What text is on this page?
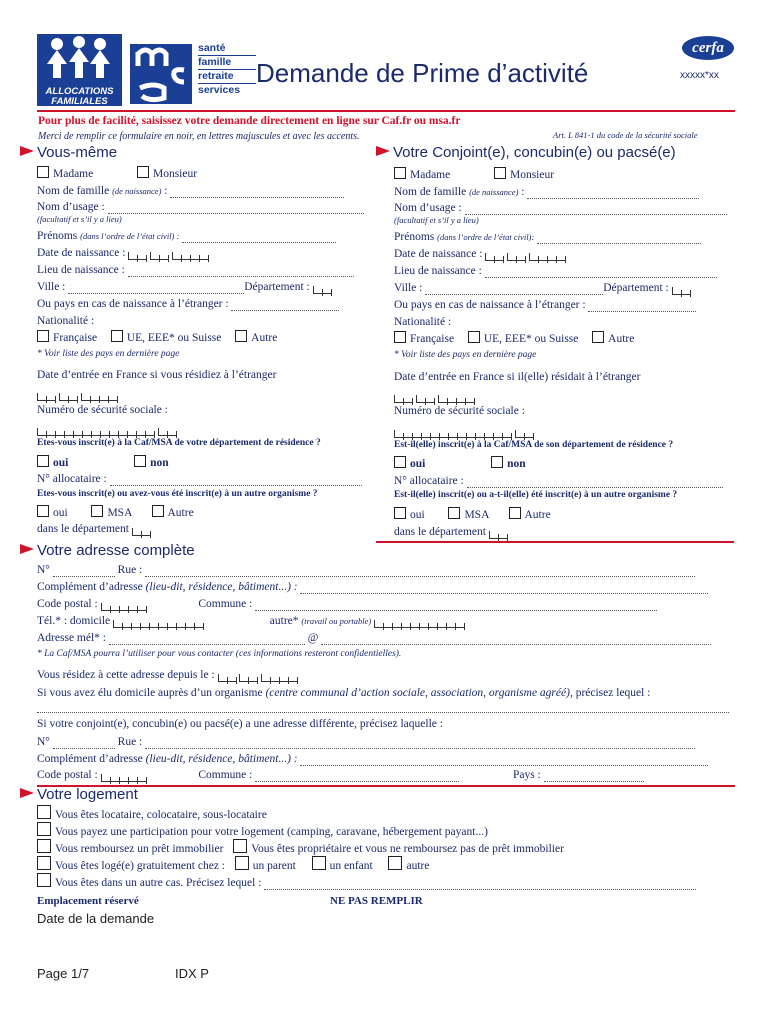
ALLOCATIONS FAMILIALES
santé
famille
retraite
services
Demande de Prime d’activité
cerfa
xxxxx*xx
Pour plus de facilité, saisissez votre demande directement en ligne sur Caf.fr ou msa.fr
Merci de remplir ce formulaire en noir, en lettres majuscules et avec les accents.	Art. L 841-1 du code de la sécurité sociale
Vous-même
Madame	Monsieur
Nom de famille (de naissance) :
Nom d’usage :
(facultatif et s’il y a lieu)
Prénoms (dans l’ordre de l’état civil) :
Date de naissance :
Lieu de naissance :
Ville :	Département :
Ou pays en cas de naissance à l’étranger :
Nationalité :
Française	UE, EEE* ou Suisse	Autre
* Voir liste des pays en dernière page
Date d’entrée en France si vous résidiez à l’étranger

Numéro de sécurité sociale :

Etes-vous inscrit(e) à la Caf/MSA de votre département de résidence ?
oui	non
N° allocataire :
Etes-vous inscrit(e) ou avez-vous été inscrit(e) à un autre organisme ?
oui	MSA	Autre
dans le département
Votre Conjoint(e), concubin(e) ou pacsé(e)
Madame	Monsieur
Nom de famille (de naissance) :
Nom d’usage :
(facultatif et s’il y a lieu)
Prénoms (dans l’ordre de l’état civil):
Date de naissance :
Lieu de naissance :
Ville :	Département :
Ou pays en cas de naissance à l’étranger :
Nationalité :
Française	UE, EEE* ou Suisse	Autre
* Voir liste des pays en dernière page
Date d’entrée en France si il(elle) résidait à l’étranger

Numéro de sécurité sociale :

Est-il(elle) inscrit(e) à la Caf/MSA de son département de résidence ?
oui	non
N° allocataire :
Est-il(elle) inscrit(e) ou a-t-il(elle) été inscrit(e) à un autre organisme ?
oui	MSA	Autre
dans le département
Votre adresse complète
N°	Rue :
Complément d’adresse (lieu-dit, résidence, bâtiment...) :
Code postal :	Commune :
Tél.* : domicile	autre* (travail ou portable)
Adresse mél* :	@
* La Caf/MSA pourra l’utiliser pour vous contacter (ces informations resteront confidentielles).
Vous résidez à cette adresse depuis le :
Si vous avez élu domicile auprès d’un organisme (centre communal d’action sociale, association, organisme agréé), précisez lequel :
Si votre conjoint(e), concubin(e) ou pacsé(e) a une adresse différente, précisez laquelle :
N°	Rue :
Complément d’adresse (lieu-dit, résidence, bâtiment...) :
Code postal :	Commune :	Pays :
Votre logement
Vous êtes locataire, colocataire, sous-locataire
Vous payez une participation pour votre logement (camping, caravane, hébergement payant...)
Vous remboursez un prêt immobilier Vous êtes propriétaire et vous ne remboursez pas de prêt immobilier
Vous êtes logé(e) gratuitement chez : un parent	un enfant	autre
Vous êtes dans un autre cas. Précisez lequel :
Emplacement réservé	NE PAS REMPLIR
Date de la demande
Page 1/7	IDX P
